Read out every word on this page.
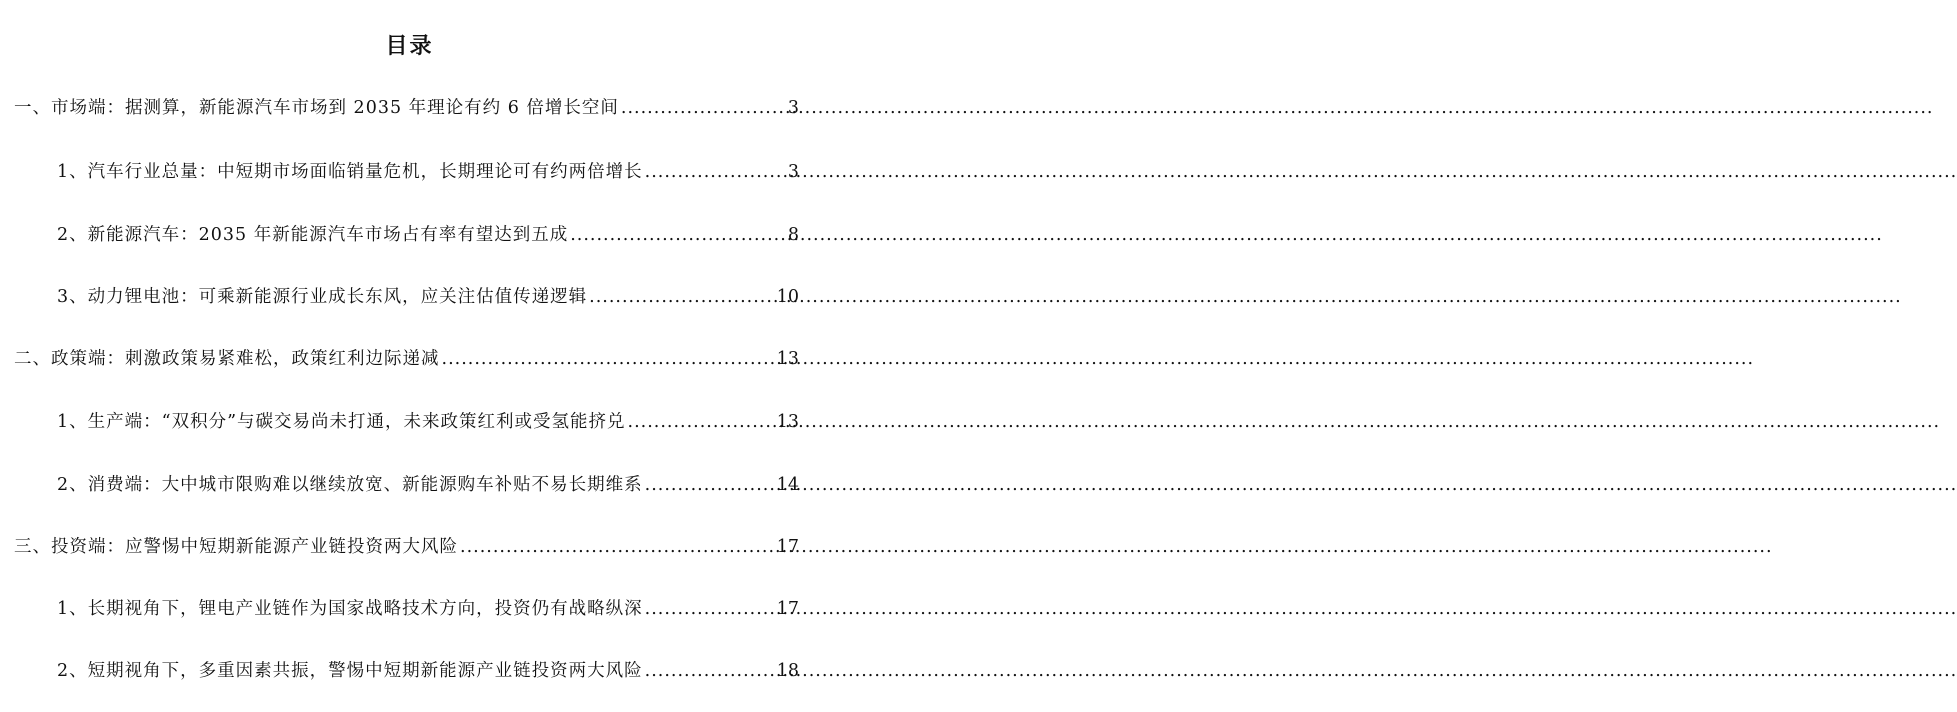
目录
一、市场端：据测算，新能源汽车市场到 2035 年理论有约 6 倍增长空间 .....	3
1、汽车行业总量：中短期市场面临销量危机，长期理论可有约两倍增长 .....	3
2、新能源汽车：2035 年新能源汽车市场占有率有望达到五成 .....	8
3、动力锂电池：可乘新能源行业成长东风，应关注估值传递逻辑 .....	10
二、政策端：刺激政策易紧难松，政策红利边际递减 .....	13
1、生产端：“双积分”与碳交易尚未打通，未来政策红利或受氢能挤兑 .....	13
2、消费端：大中城市限购难以继续放宽、新能源购车补贴不易长期维系 .....	14
三、投资端：应警惕中短期新能源产业链投资两大风险 .....	17
1、长期视角下，锂电产业链作为国家战略技术方向，投资仍有战略纵深 .....	17
2、短期视角下，多重因素共振，警惕中短期新能源产业链投资两大风险 .....	18
